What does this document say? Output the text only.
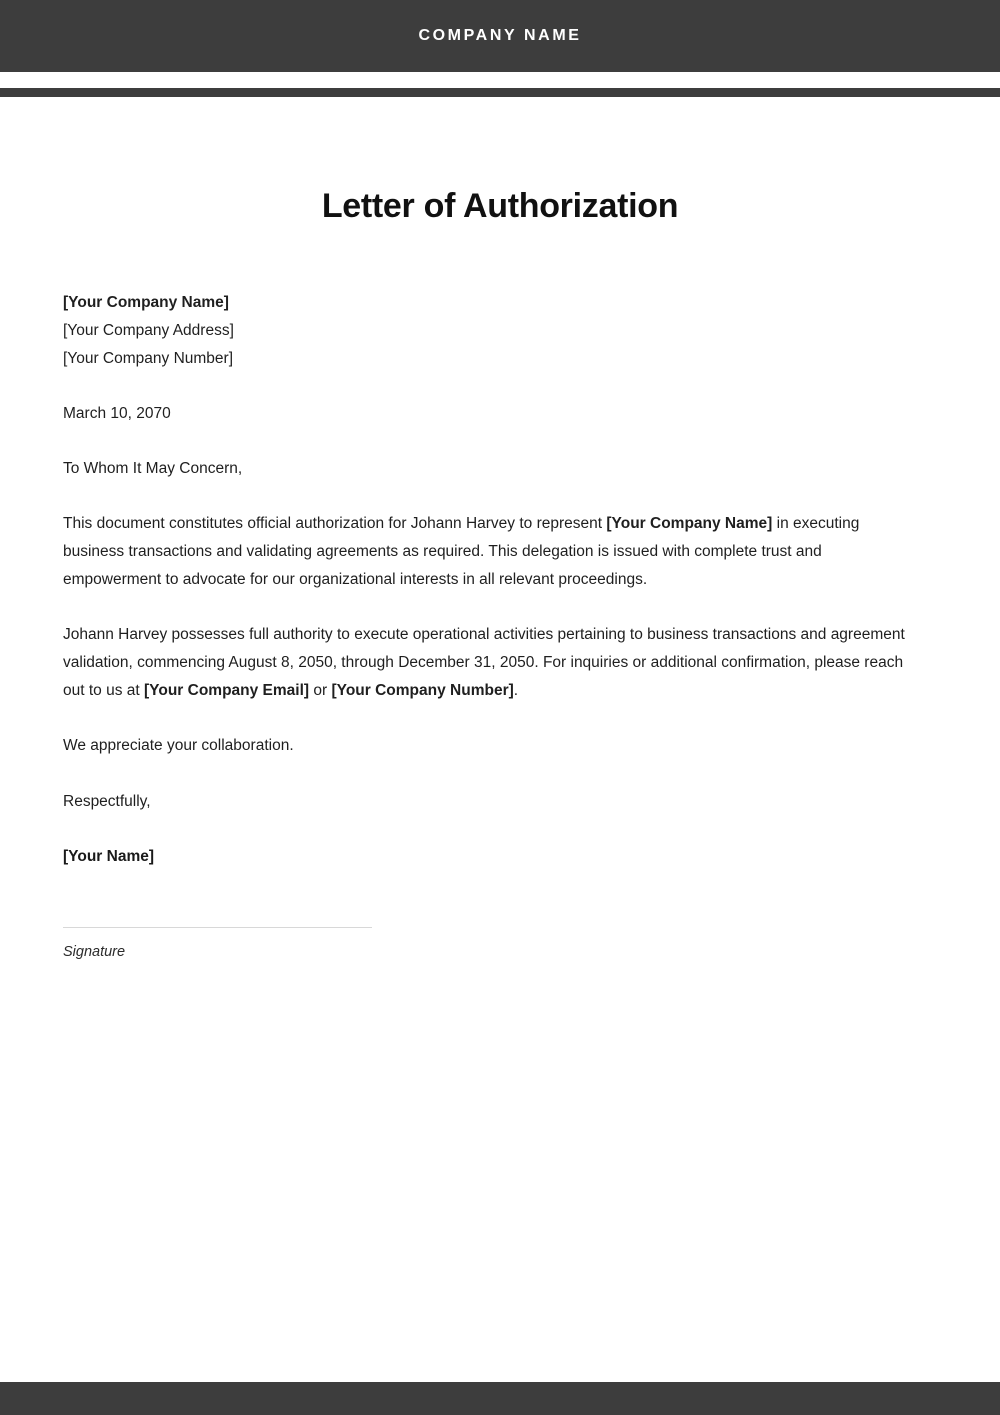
COMPANY NAME
Letter of Authorization
[Your Company Name]
[Your Company Address]
[Your Company Number]
March 10, 2070
To Whom It May Concern,

This document constitutes official authorization for Johann Harvey to represent [Your Company Name] in executing business transactions and validating agreements as required. This delegation is issued with complete trust and empowerment to advocate for our organizational interests in all relevant proceedings.

Johann Harvey possesses full authority to execute operational activities pertaining to business transactions and agreement validation, commencing August 8, 2050, through December 31, 2050. For inquiries or additional confirmation, please reach out to us at [Your Company Email] or [Your Company Number].

We appreciate your collaboration.
Respectfully,
[Your Name]
Signature
